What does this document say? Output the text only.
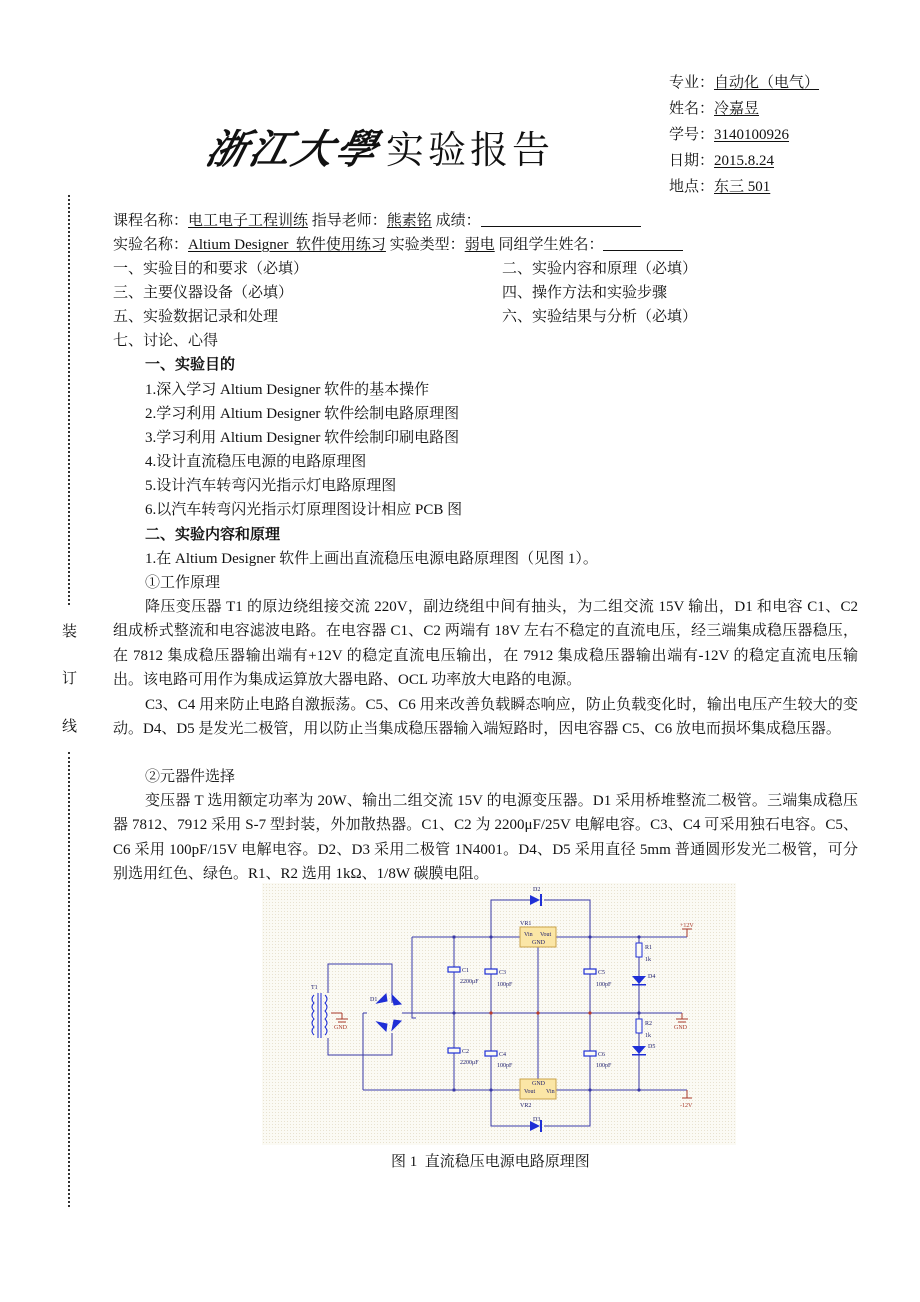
专业：自动化（电气）
姓名：冷嘉昱
学号：3140100926
日期：2015.8.24
地点：东三 501
浙江大學实验报告
装
订
线
课程名称：电工电子工程训练 指导老师：熊素铭 成绩：
实验名称：Altium Designer  软件使用练习 实验类型：弱电 同组学生姓名：
一、实验目的和要求（必填）	二、实验内容和原理（必填）
三、主要仪器设备（必填）	四、操作方法和实验步骤
五、实验数据记录和处理	六、实验结果与分析（必填）
七、讨论、心得
一、实验目的
1.深入学习 Altium Designer 软件的基本操作
2.学习利用 Altium Designer 软件绘制电路原理图
3.学习利用 Altium Designer 软件绘制印刷电路图
4.设计直流稳压电源的电路原理图
5.设计汽车转弯闪光指示灯电路原理图
6.以汽车转弯闪光指示灯原理图设计相应 PCB 图
二、实验内容和原理
1.在 Altium Designer 软件上画出直流稳压电源电路原理图（见图 1）。
①工作原理
降压变压器 T1 的原边绕组接交流 220V，副边绕组中间有抽头，为二组交流 15V 输出，D1 和电容 C1、C2 组成桥式整流和电容滤波电路。在电容器 C1、C2 两端有 18V 左右不稳定的直流电压，经三端集成稳压器稳压，在 7812 集成稳压器输出端有+12V 的稳定直流电压输出，在 7912 集成稳压器输出端有-12V 的稳定直流电压输出。该电路可用作为集成运算放大器电路、OCL 功率放大电路的电源。
C3、C4 用来防止电路自激振荡。C5、C6 用来改善负载瞬态响应，防止负载变化时，输出电压产生较大的变动。D4、D5 是发光二极管，用以防止当集成稳压器输入端短路时，因电容器 C5、C6 放电而损坏集成稳压器。
②元器件选择
变压器 T 选用额定功率为 20W、输出二组交流 15V 的电源变压器。D1 采用桥堆整流二极管。三端集成稳压器 7812、7912 采用 S-7 型封装，外加散热器。C1、C2 为 2200μF/25V 电解电容。C3、C4 可采用独石电容。C5、C6 采用 100pF/15V 电解电容。D2、D3 采用二极管 1N4001。D4、D5 采用直径 5mm 普通圆形发光二极管，可分别选用红色、绿色。R1、R2 选用 1kΩ、1/8W 碳膜电阻。
T1
D1
D2
D3
D4
D5
C1
2200μF
C2
2200μF
C3
100pF
C4
100pF
C5
100pF
C6
100pF
R1
1k
R2
1k
VR1
Vin Vout
GND
VR2
Vout Vin
GND
+12V
-12V
GND
GND
图 1  直流稳压电源电路原理图
